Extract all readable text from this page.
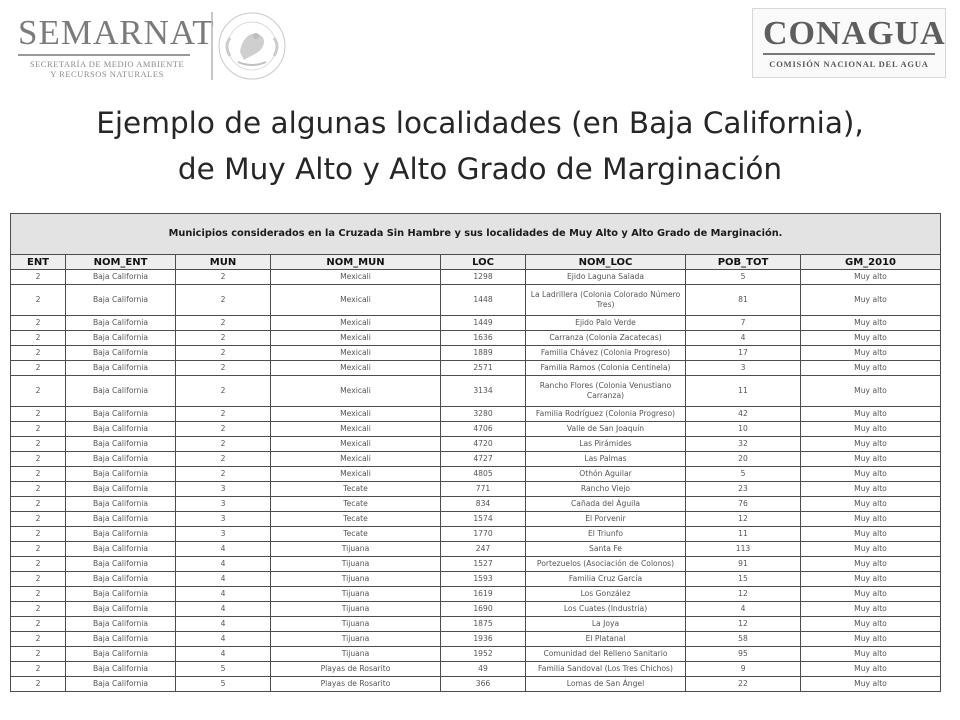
SEMARNAT
SECRETARÍA DE MEDIO AMBIENTE
Y RECURSOS NATURALES
CONAGUA
COMISIÓN NACIONAL DEL AGUA
Ejemplo de algunas localidades (en Baja California),
de Muy Alto y Alto Grado de Marginación
Municipios considerados en la Cruzada Sin Hambre y sus localidades de Muy Alto y Alto Grado de Marginación.							
ENT	NOM_ENT	MUN	NOM_MUN	LOC	NOM_LOC	POB_TOT	GM_2010
2	Baja California	2	Mexicali	1298	Ejido Laguna Salada	5	Muy alto
2	Baja California	2	Mexicali	1448	La Ladrillera (Colonia Colorado Número Tres)	81	Muy alto
2	Baja California	2	Mexicali	1449	Ejido Palo Verde	7	Muy alto
2	Baja California	2	Mexicali	1636	Carranza (Colonia Zacatecas)	4	Muy alto
2	Baja California	2	Mexicali	1889	Familia Chávez (Colonia Progreso)	17	Muy alto
2	Baja California	2	Mexicali	2571	Familia Ramos (Colonia Centinela)	3	Muy alto
2	Baja California	2	Mexicali	3134	Rancho Flores (Colonia Venustiano Carranza)	11	Muy alto
2	Baja California	2	Mexicali	3280	Familia Rodríguez (Colonia Progreso)	42	Muy alto
2	Baja California	2	Mexicali	4706	Valle de San Joaquín	10	Muy alto
2	Baja California	2	Mexicali	4720	Las Pirámides	32	Muy alto
2	Baja California	2	Mexicali	4727	Las Palmas	20	Muy alto
2	Baja California	2	Mexicali	4805	Othón Aguilar	5	Muy alto
2	Baja California	3	Tecate	771	Rancho Viejo	23	Muy alto
2	Baja California	3	Tecate	834	Cañada del Águila	76	Muy alto
2	Baja California	3	Tecate	1574	El Porvenir	12	Muy alto
2	Baja California	3	Tecate	1770	El Triunfo	11	Muy alto
2	Baja California	4	Tijuana	247	Santa Fe	113	Muy alto
2	Baja California	4	Tijuana	1527	Portezuelos (Asociación de Colonos)	91	Muy alto
2	Baja California	4	Tijuana	1593	Familia Cruz García	15	Muy alto
2	Baja California	4	Tijuana	1619	Los González	12	Muy alto
2	Baja California	4	Tijuana	1690	Los Cuates (Industria)	4	Muy alto
2	Baja California	4	Tijuana	1875	La Joya	12	Muy alto
2	Baja California	4	Tijuana	1936	El Platanal	58	Muy alto
2	Baja California	4	Tijuana	1952	Comunidad del Relleno Sanitario	95	Muy alto
2	Baja California	5	Playas de Rosarito	49	Familia Sandoval (Los Tres Chichos)	9	Muy alto
2	Baja California	5	Playas de Rosarito	366	Lomas de San Ángel	22	Muy alto
